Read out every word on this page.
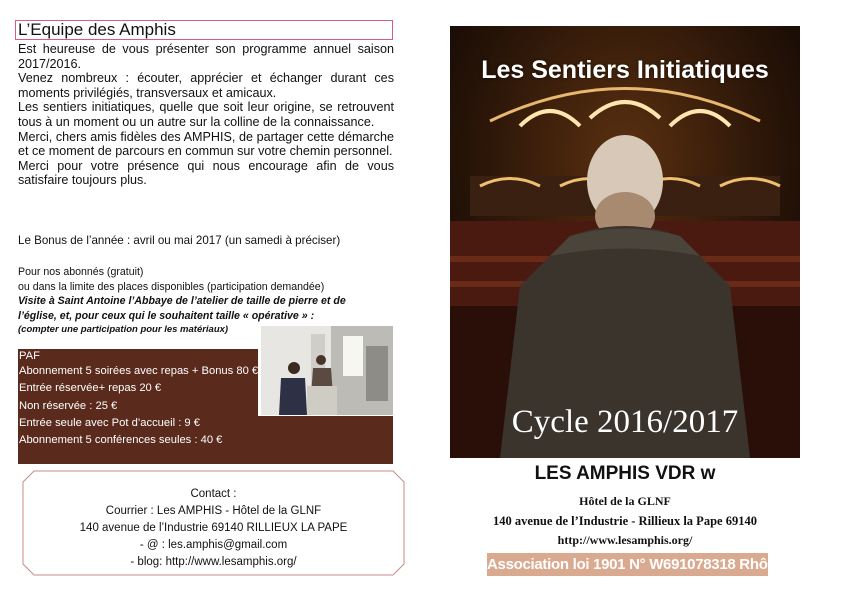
L’Equipe des Amphis

Est heureuse de vous présenter son programme annuel saison 2017/2016.

Venez nombreux : écouter, apprécier et échanger durant ces moments privilégiés, transversaux et amicaux.

Les sentiers initiatiques, quelle que soit leur origine, se retrouvent tous à un moment ou un autre sur la colline de la connaissance.

Merci, chers amis fidèles des AMPHIS, de partager cette démarche et ce moment de parcours en commun sur votre chemin personnel.

Merci pour votre présence qui nous encourage afin de vous satisfaire toujours plus.

Le Bonus de l’année : avril ou mai 2017 (un samedi à préciser)
Pour nos abonnés (gratuit)
ou dans la limite des places disponibles (participation demandée)
Visite à Saint Antoine l’Abbaye de l’atelier de taille de pierre et de l’église, et, pour ceux qui le souhaitent taille « opérative » :
(compter une participation pour les matériaux)
PAF
Abonnement 5 soirées avec repas + Bonus 80 €
Entrée réservée+ repas 20 €
Non réservée : 25 €
Entrée seule avec Pot d’accueil : 9 €
Abonnement 5 conférences seules : 40 €
Contact :
Courrier : Les AMPHIS - Hôtel de la GLNF
140 avenue de l’Industrie 69140 RILLIEUX LA PAPE
- @ : les.amphis@gmail.com
- blog: http://www.lesamphis.org/
Les Sentiers Initiatiques
Cycle 2016/2017
LES AMPHIS VDR w
Hôtel de la GLNF
140 avenue de l’Industrie - Rillieux la Pape 69140
http://www.lesamphis.org/
Association loi 1901 N° W691078318 Rhône
